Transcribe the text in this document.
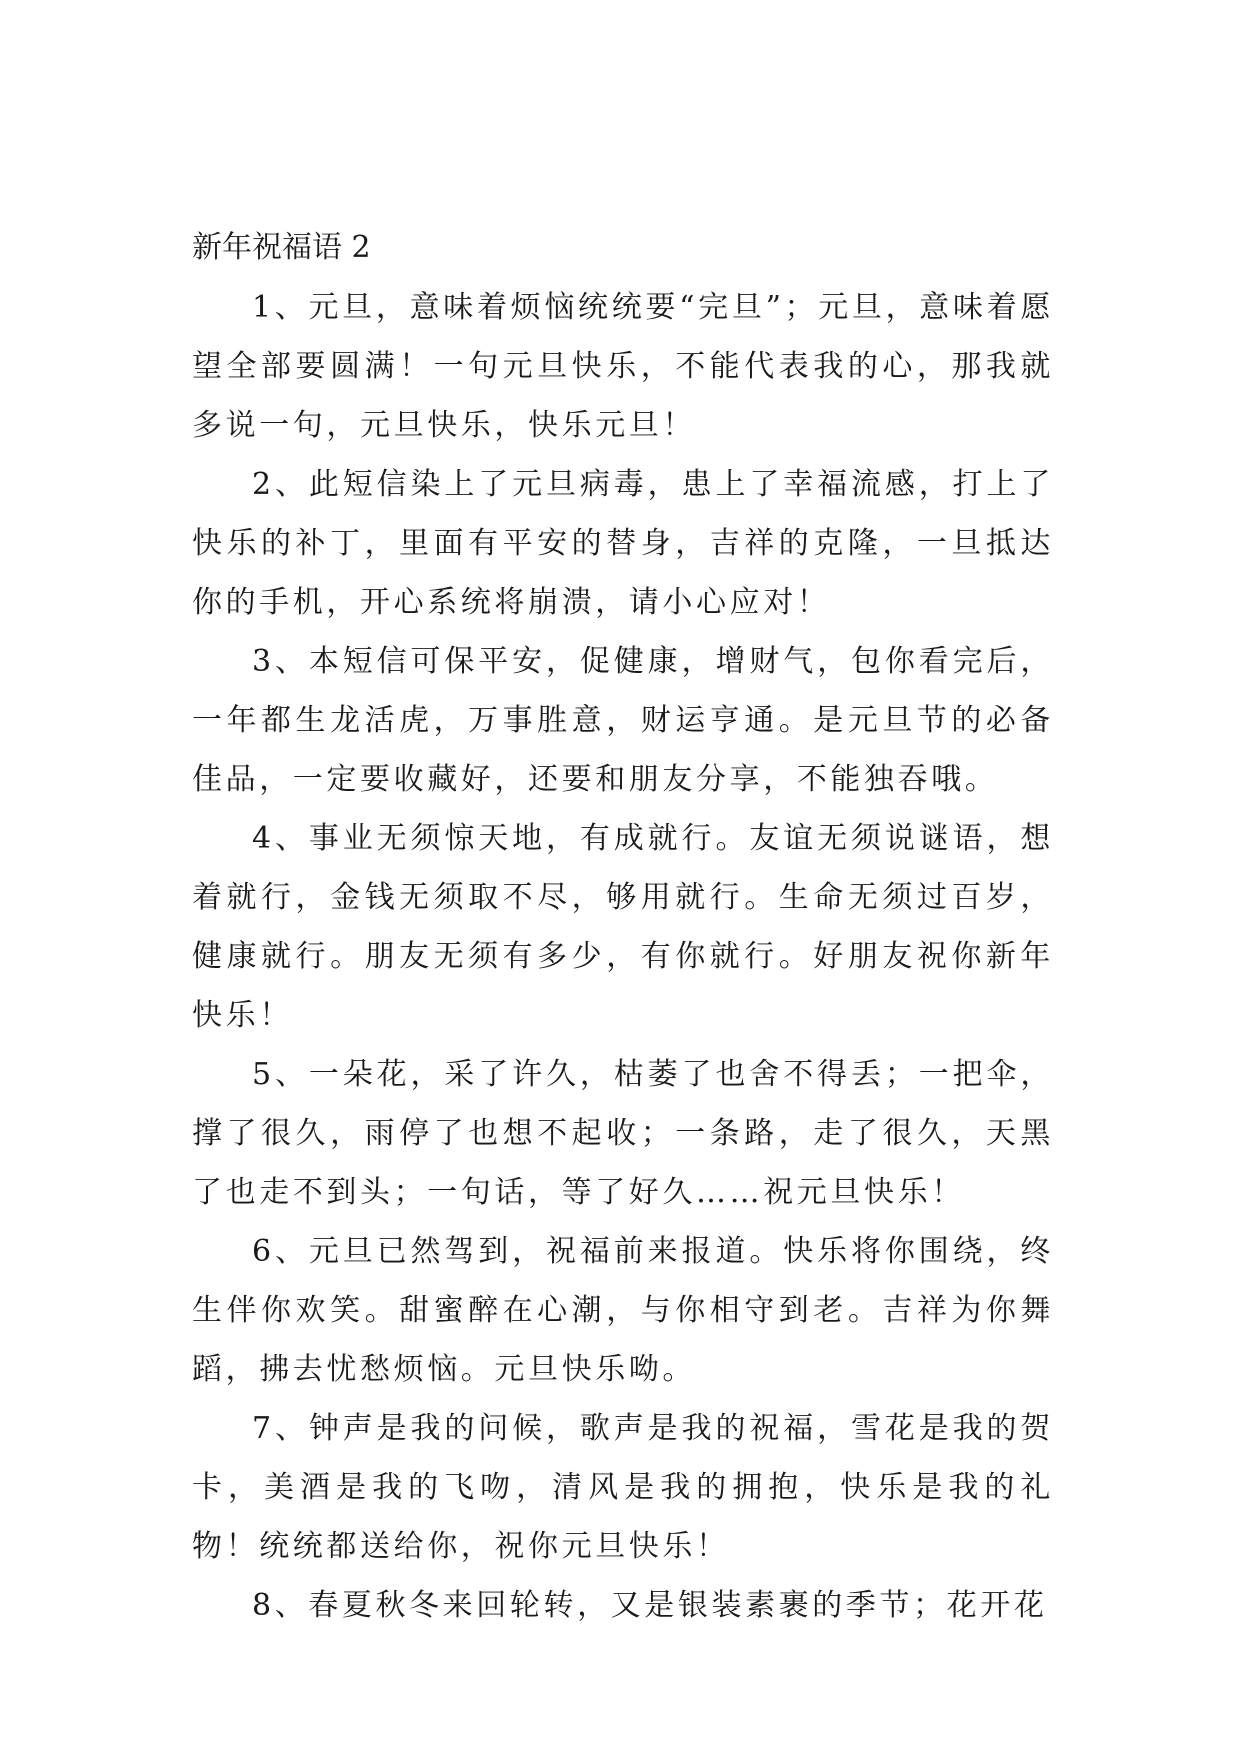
新年祝福语 2

1、元旦，意味着烦恼统统要“完旦”；元旦，意味着愿望全部要圆满！一句元旦快乐，不能代表我的心，那我就多说一句，元旦快乐，快乐元旦！

2、此短信染上了元旦病毒，患上了幸福流感，打上了快乐的补丁，里面有平安的替身，吉祥的克隆，一旦抵达你的手机，开心系统将崩溃，请小心应对！

3、本短信可保平安，促健康，增财气，包你看完后，一年都生龙活虎，万事胜意，财运亨通。是元旦节的必备佳品，一定要收藏好，还要和朋友分享，不能独吞哦。

4、事业无须惊天地，有成就行。友谊无须说谜语，想着就行，金钱无须取不尽，够用就行。生命无须过百岁，健康就行。朋友无须有多少，有你就行。好朋友祝你新年快乐！

5、一朵花，采了许久，枯萎了也舍不得丢；一把伞，撑了很久，雨停了也想不起收；一条路，走了很久，天黑了也走不到头；一句话，等了好久……祝元旦快乐！

6、元旦已然驾到，祝福前来报道。快乐将你围绕，终生伴你欢笑。甜蜜醉在心潮，与你相守到老。吉祥为你舞蹈，拂去忧愁烦恼。元旦快乐呦。

7、钟声是我的问候，歌声是我的祝福，雪花是我的贺卡，美酒是我的飞吻，清风是我的拥抱，快乐是我的礼物！统统都送给你，祝你元旦快乐！

8、春夏秋冬来回轮转，又是银装素裹的季节；花开花
